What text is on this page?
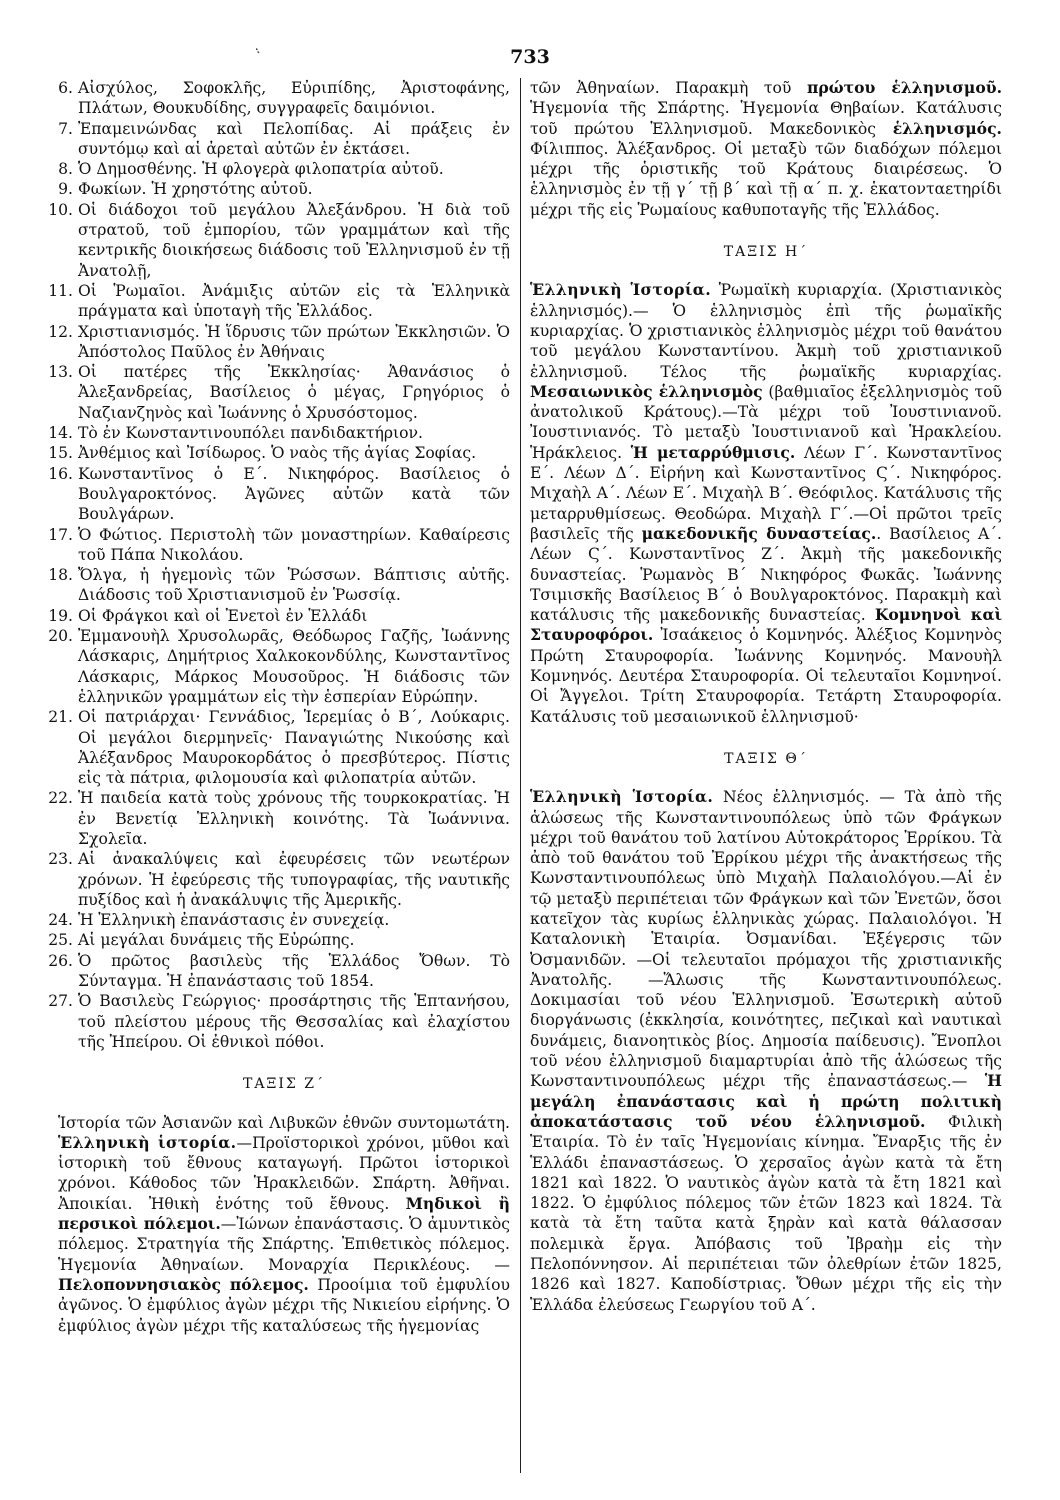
.ͅ	733
6. Αἰσχύλος, Σοφοκλῆς, Εὐριπίδης, Ἀριστοφάνης, Πλάτων, Θουκυδίδης, συγγραφεῖς δαιμόνιοι.
7. Ἐπαμεινώνδας καὶ Πελοπίδας. Αἱ πράξεις ἐν συντόμῳ καὶ αἱ ἀρεταὶ αὐτῶν ἐν ἐκτάσει.
8. Ὁ Δημοσθένης. Ἡ φλογερὰ φιλοπατρία αὐτοῦ.
9. Φωκίων. Ἡ χρηστότης αὐτοῦ.
10. Οἱ διάδοχοι τοῦ μεγάλου Ἀλεξάνδρου. Ἡ διὰ τοῦ στρατοῦ, τοῦ ἐμπορίου, τῶν γραμμάτων καὶ τῆς κεντρικῆς διοικήσεως διάδοσις τοῦ Ἑλληνισμοῦ ἐν τῇ Ἀνατολῇ,
11. Οἱ Ῥωμαῖοι. Ἀνάμιξις αὐτῶν εἰς τὰ Ἑλληνικὰ πράγματα καὶ ὑποταγὴ τῆς Ἑλλάδος.
12. Χριστιανισμός. Ἡ ἵδρυσις τῶν πρώτων Ἐκκλησιῶν. Ὁ Ἀπόστολος Παῦλος ἐν Ἀθήναις
13. Οἱ πατέρες τῆς Ἐκκλησίας· Ἀθανάσιος ὁ Ἀλεξανδρείας, Βασίλειος ὁ μέγας, Γρηγόριος ὁ Ναζιανζηνὸς καὶ Ἰωάννης ὁ Χρυσόστομος.
14. Τὸ ἐν Κωνσταντινουπόλει πανδιδακτήριον.
15. Ἀνθέμιος καὶ Ἰσίδωρος. Ὁ ναὸς τῆς ἁγίας Σοφίας.
16. Κωνσταντῖνος ὁ Ε΄. Νικηφόρος. Βασίλειος ὁ Βουλγαροκτόνος. Ἀγῶνες αὐτῶν κατὰ τῶν Βουλγάρων.
17. Ὁ Φώτιος. Περιστολὴ τῶν μοναστηρίων. Καθαίρεσις τοῦ Πάπα Νικολάου.
18. Ὄλγα, ἡ ἡγεμονὶς τῶν Ῥώσσων. Βάπτισις αὐτῆς. Διάδοσις τοῦ Χριστιανισμοῦ ἐν Ῥωσσίᾳ.
19. Οἱ Φράγκοι καὶ οἱ Ἐνετοὶ ἐν Ἑλλάδι
20. Ἐμμανουὴλ Χρυσολωρᾶς, Θεόδωρος Γαζῆς, Ἰωάννης Λάσκαρις, Δημήτριος Χαλκοκονδύλης, Κωνσταντῖνος Λάσκαρις, Μάρκος Μουσοῦρος. Ἡ διάδοσις τῶν ἑλληνικῶν γραμμάτων εἰς τὴν ἑσπερίαν Εὐρώπην.
21. Οἱ πατριάρχαι· Γεννάδιος, Ἱερεμίας ὁ Β΄, Λούκαρις. Οἱ μεγάλοι διερμηνεῖς· Παναγιώτης Νικούσης καὶ Ἀλέξανδρος Μαυροκορδάτος ὁ πρεσβύτερος. Πίστις εἰς τὰ πάτρια, φιλομουσία καὶ φιλοπατρία αὐτῶν.
22. Ἡ παιδεία κατὰ τοὺς χρόνους τῆς τουρκοκρατίας. Ἡ ἐν Βενετίᾳ Ἑλληνικὴ κοινότης. Τὰ Ἰωάννινα. Σχολεῖα.
23. Αἱ ἀνακαλύψεις καὶ ἐφευρέσεις τῶν νεωτέρων χρόνων. Ἡ ἐφεύρεσις τῆς τυπογραφίας, τῆς ναυτικῆς πυξίδος καὶ ἡ ἀνακάλυψις τῆς Ἀμερικῆς.
24. Ἡ Ἑλληνικὴ ἐπανάστασις ἐν συνεχείᾳ.
25. Αἱ μεγάλαι δυνάμεις τῆς Εὐρώπης.
26. Ὁ πρῶτος βασιλεὺς τῆς Ἑλλάδος Ὄθων. Τὸ Σύνταγμα. Ἡ ἐπανάστασις τοῦ 1854.
27. Ὁ Βασιλεὺς Γεώργιος· προσάρτησις τῆς Ἑπτανήσου, τοῦ πλείστου μέρους τῆς Θεσσαλίας καὶ ἐλαχίστου τῆς Ἠπείρου. Οἱ ἐθνικοὶ πόθοι.
ΤΑΞΙΣ Ζ΄

Ἱστορία τῶν Ἀσιανῶν καὶ Λιβυκῶν ἐθνῶν συντομωτάτη. Ἑλληνικὴ ἱστορία.—Προϊστορικοὶ χρόνοι, μῦθοι καὶ ἱστορικὴ τοῦ ἔθνους καταγωγή. Πρῶτοι ἱστορικοὶ χρόνοι. Κάθοδος τῶν Ἡρακλειδῶν. Σπάρτη. Ἀθῆναι. Ἀποικίαι. Ἠθικὴ ἑνότης τοῦ ἔθνους. Μηδικοὶ ἢ περσικοὶ πόλεμοι.—Ἰώνων ἐπανάστασις. Ὁ ἀμυντικὸς πόλεμος. Στρατηγία τῆς Σπάρτης. Ἐπιθετικὸς πόλεμος. Ἡγεμονία Ἀθηναίων. Μοναρχία Περικλέους. — Πελοποννησιακὸς πόλεμος. Προοίμια τοῦ ἐμφυλίου ἀγῶνος. Ὁ ἐμφύλιος ἀγὼν μέχρι τῆς Νικιείου εἰρήνης. Ὁ ἐμφύλιος ἀγὼν μέχρι τῆς καταλύσεως τῆς ἡγεμονίας

τῶν Ἀθηναίων. Παρακμὴ τοῦ πρώτου ἑλληνισμοῦ. Ἡγεμονία τῆς Σπάρτης. Ἡγεμονία Θηβαίων. Κατάλυσις τοῦ πρώτου Ἑλληνισμοῦ. Μακεδονικὸς ἑλληνισμός. Φίλιππος. Ἀλέξανδρος. Οἱ μεταξὺ τῶν διαδόχων πόλεμοι μέχρι τῆς ὁριστικῆς τοῦ Κράτους διαιρέσεως. Ὁ ἑλληνισμὸς ἐν τῇ γ΄ τῇ β΄ καὶ τῇ α΄ π. χ. ἑκατονταετηρίδι μέχρι τῆς εἰς Ῥωμαίους καθυποταγῆς τῆς Ἑλλάδος.

ΤΑΞΙΣ Η΄

Ἑλληνικὴ Ἱστορία. Ῥωμαϊκὴ κυριαρχία. (Χριστιανικὸς ἑλληνισμός).— Ὁ ἑλληνισμὸς ἐπὶ τῆς ῥωμαϊκῆς κυριαρχίας. Ὁ χριστιανικὸς ἑλληνισμὸς μέχρι τοῦ θανάτου τοῦ μεγάλου Κωνσταντίνου. Ἀκμὴ τοῦ χριστιανικοῦ ἑλληνισμοῦ. Τέλος τῆς ῥωμαϊκῆς κυριαρχίας. Μεσαιωνικὸς ἑλληνισμὸς (βαθμιαῖος ἐξελληνισμὸς τοῦ ἀνατολικοῦ Κράτους).—Τὰ μέχρι τοῦ Ἰουστινιανοῦ. Ἰουστινιανός. Τὸ μεταξὺ Ἰουστινιανοῦ καὶ Ἡρακλείου. Ἡράκλειος. Ἡ μεταρρύθμισις. Λέων Γ΄. Κωνσταντῖνος Ε΄. Λέων Δ΄. Εἰρήνη καὶ Κωνσταντῖνος Ϛ΄. Νικηφόρος. Μιχαὴλ Α΄. Λέων Ε΄. Μιχαὴλ Β΄. Θεόφιλος. Κατάλυσις τῆς μεταρρυθμίσεως. Θεοδώρα. Μιχαὴλ Γ΄.—Οἱ πρῶτοι τρεῖς βασιλεῖς τῆς μακεδονικῆς δυναστείας.. Βασίλειος Α΄. Λέων Ϛ΄. Κωνσταντῖνος Ζ΄. Ἀκμὴ τῆς μακεδονικῆς δυναστείας. Ῥωμανὸς Β΄ Νικηφόρος Φωκᾶς. Ἰωάννης Τσιμισκῆς Βασίλειος Β΄ ὁ Βουλγαροκτόνος. Παρακμὴ καὶ κατάλυσις τῆς μακεδονικῆς δυναστείας. Κομνηνοὶ καὶ Σταυροφόροι. Ἰσαάκειος ὁ Κομνηνός. Ἀλέξιος Κομνηνὸς Πρώτη Σταυροφορία. Ἰωάννης Κομνηνός. Μανουὴλ Κομνηνός. Δευτέρα Σταυροφορία. Οἱ τελευταῖοι Κομνηνοί. Οἱ Ἄγγελοι. Τρίτη Σταυροφορία. Τετάρτη Σταυροφορία. Κατάλυσις τοῦ μεσαιωνικοῦ ἑλληνισμοῦ·

ΤΑΞΙΣ Θ΄

Ἑλληνικὴ Ἱστορία. Νέος ἑλληνισμός. — Τὰ ἀπὸ τῆς ἁλώσεως τῆς Κωνσταντινουπόλεως ὑπὸ τῶν Φράγκων μέχρι τοῦ θανάτου τοῦ λατίνου Αὐτοκράτορος Ἐρρίκου. Τὰ ἀπὸ τοῦ θανάτου τοῦ Ἐρρίκου μέχρι τῆς ἀνακτήσεως τῆς Κωνσταντινουπόλεως ὑπὸ Μιχαὴλ Παλαιολόγου.—Αἱ ἐν τῷ μεταξὺ περιπέτειαι τῶν Φράγκων καὶ τῶν Ἐνετῶν, ὅσοι κατεῖχον τὰς κυρίως ἑλληνικὰς χώρας. Παλαιολόγοι. Ἡ Καταλονικὴ Ἑταιρία. Ὀσμανίδαι. Ἐξέγερσις τῶν Ὀσμανιδῶν. —Οἱ τελευταῖοι πρόμαχοι τῆς χριστιανικῆς Ἀνατολῆς. —Ἅλωσις τῆς Κωνσταντινουπόλεως. Δοκιμασίαι τοῦ νέου Ἑλληνισμοῦ. Ἐσωτερικὴ αὐτοῦ διοργάνωσις (ἐκκλησία, κοινότητες, πεζικαὶ καὶ ναυτικαὶ δυνάμεις, διανοητικὸς βίος. Δημοσία παίδευσις). Ἔνοπλοι τοῦ νέου ἑλληνισμοῦ διαμαρτυρίαι ἀπὸ τῆς ἁλώσεως τῆς Κωνσταντινουπόλεως μέχρι τῆς ἐπαναστάσεως.— Ἡ μεγάλη ἐπανάστασις καὶ ἡ πρώτη πολιτικὴ ἀποκατάστασις τοῦ νέου ἑλληνισμοῦ. Φιλικὴ Ἑταιρία. Τὸ ἐν ταῖς Ἡγεμονίαις κίνημα. Ἔναρξις τῆς ἐν Ἑλλάδι ἐπαναστάσεως. Ὁ χερσαῖος ἀγὼν κατὰ τὰ ἔτη 1821 καὶ 1822. Ὁ ναυτικὸς ἀγὼν κατὰ τὰ ἔτη 1821 καὶ 1822. Ὁ ἐμφύλιος πόλεμος τῶν ἐτῶν 1823 καὶ 1824. Τὰ κατὰ τὰ ἔτη ταῦτα κατὰ ξηρὰν καὶ κατὰ θάλασσαν πολεμικὰ ἔργα. Ἀπόβασις τοῦ Ἰβραὴμ εἰς τὴν Πελοπόννησον. Αἱ περιπέτειαι τῶν ὀλεθρίων ἐτῶν 1825, 1826 καὶ 1827. Καποδίστριας. Ὄθων μέχρι τῆς εἰς τὴν Ἑλλάδα ἐλεύσεως Γεωργίου τοῦ Α΄.
